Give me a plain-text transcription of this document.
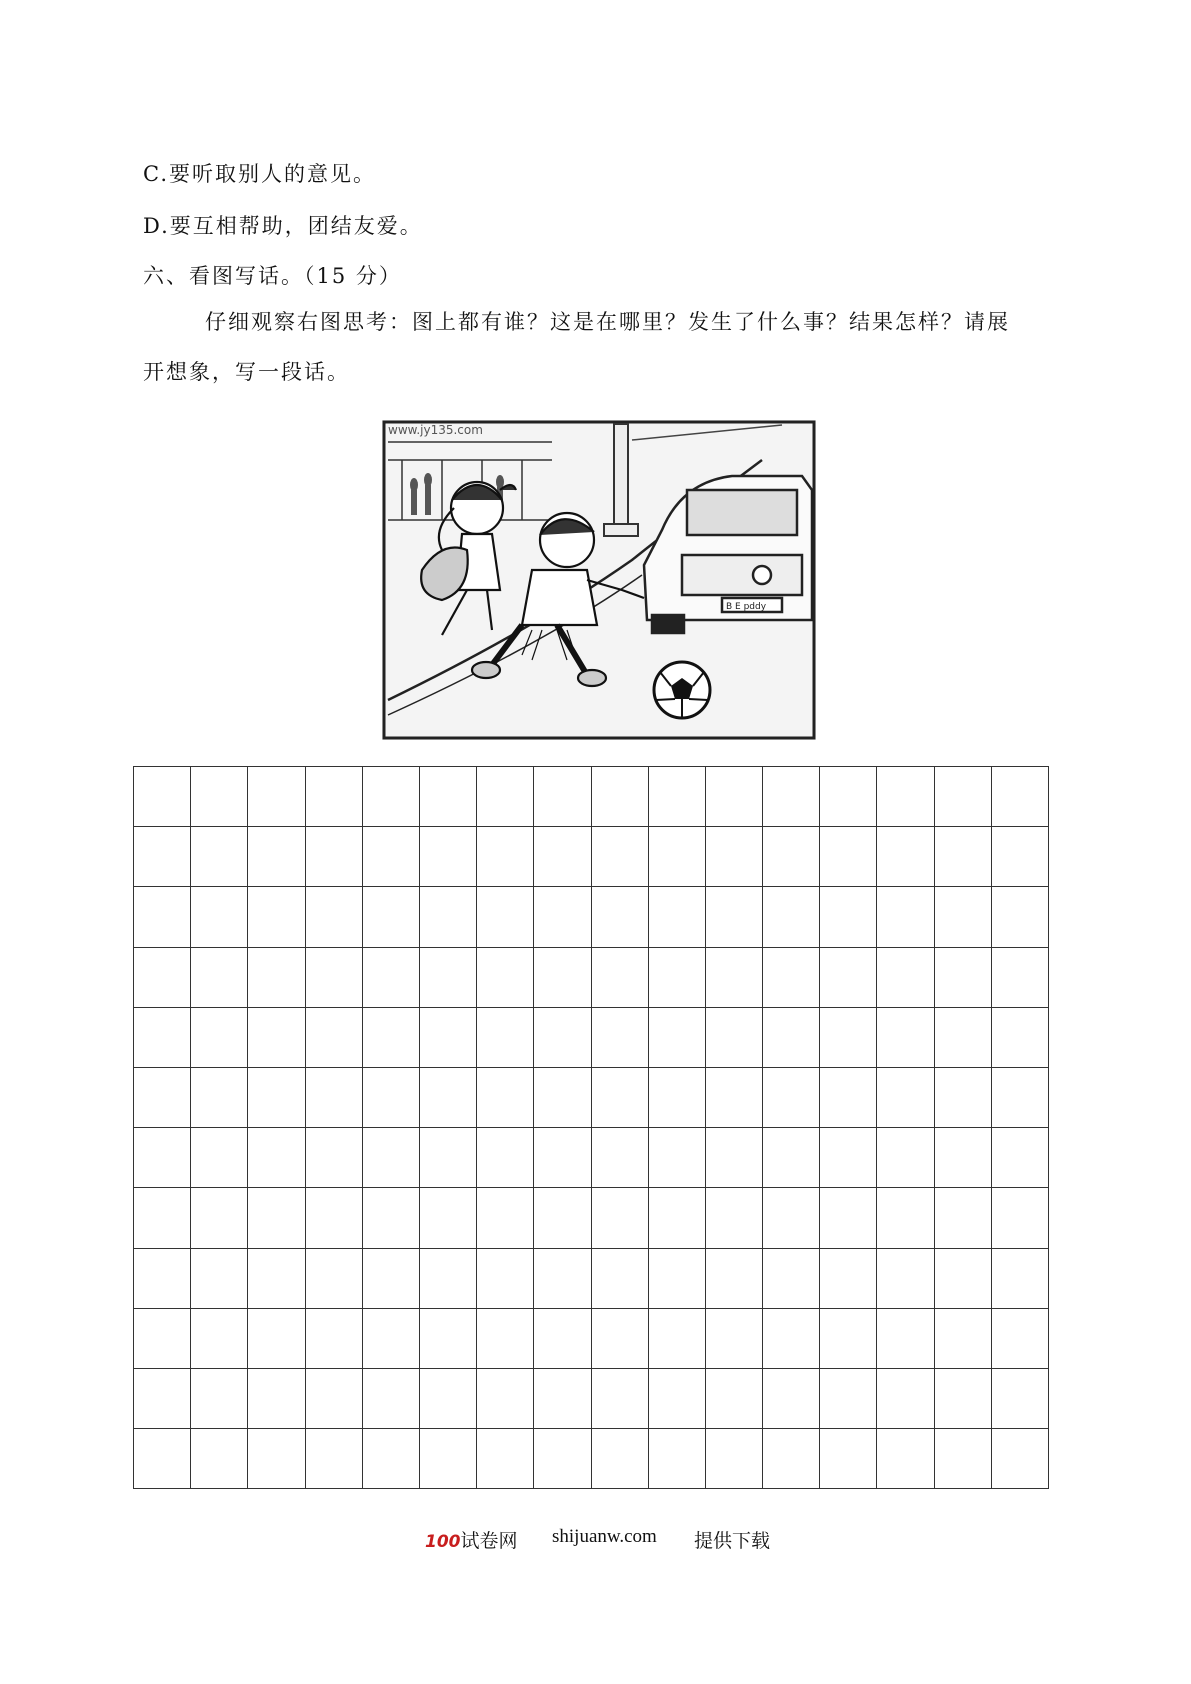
C.要听取别人的意见。
D.要互相帮助，团结友爱。
六、看图写话。（15 分）
仔细观察右图思考：图上都有谁？这是在哪里？发生了什么事？结果怎样？请展
开想象，写一段话。
www.jy135.com
B E pddy

100试卷网 shijuanw.com 提供下载
